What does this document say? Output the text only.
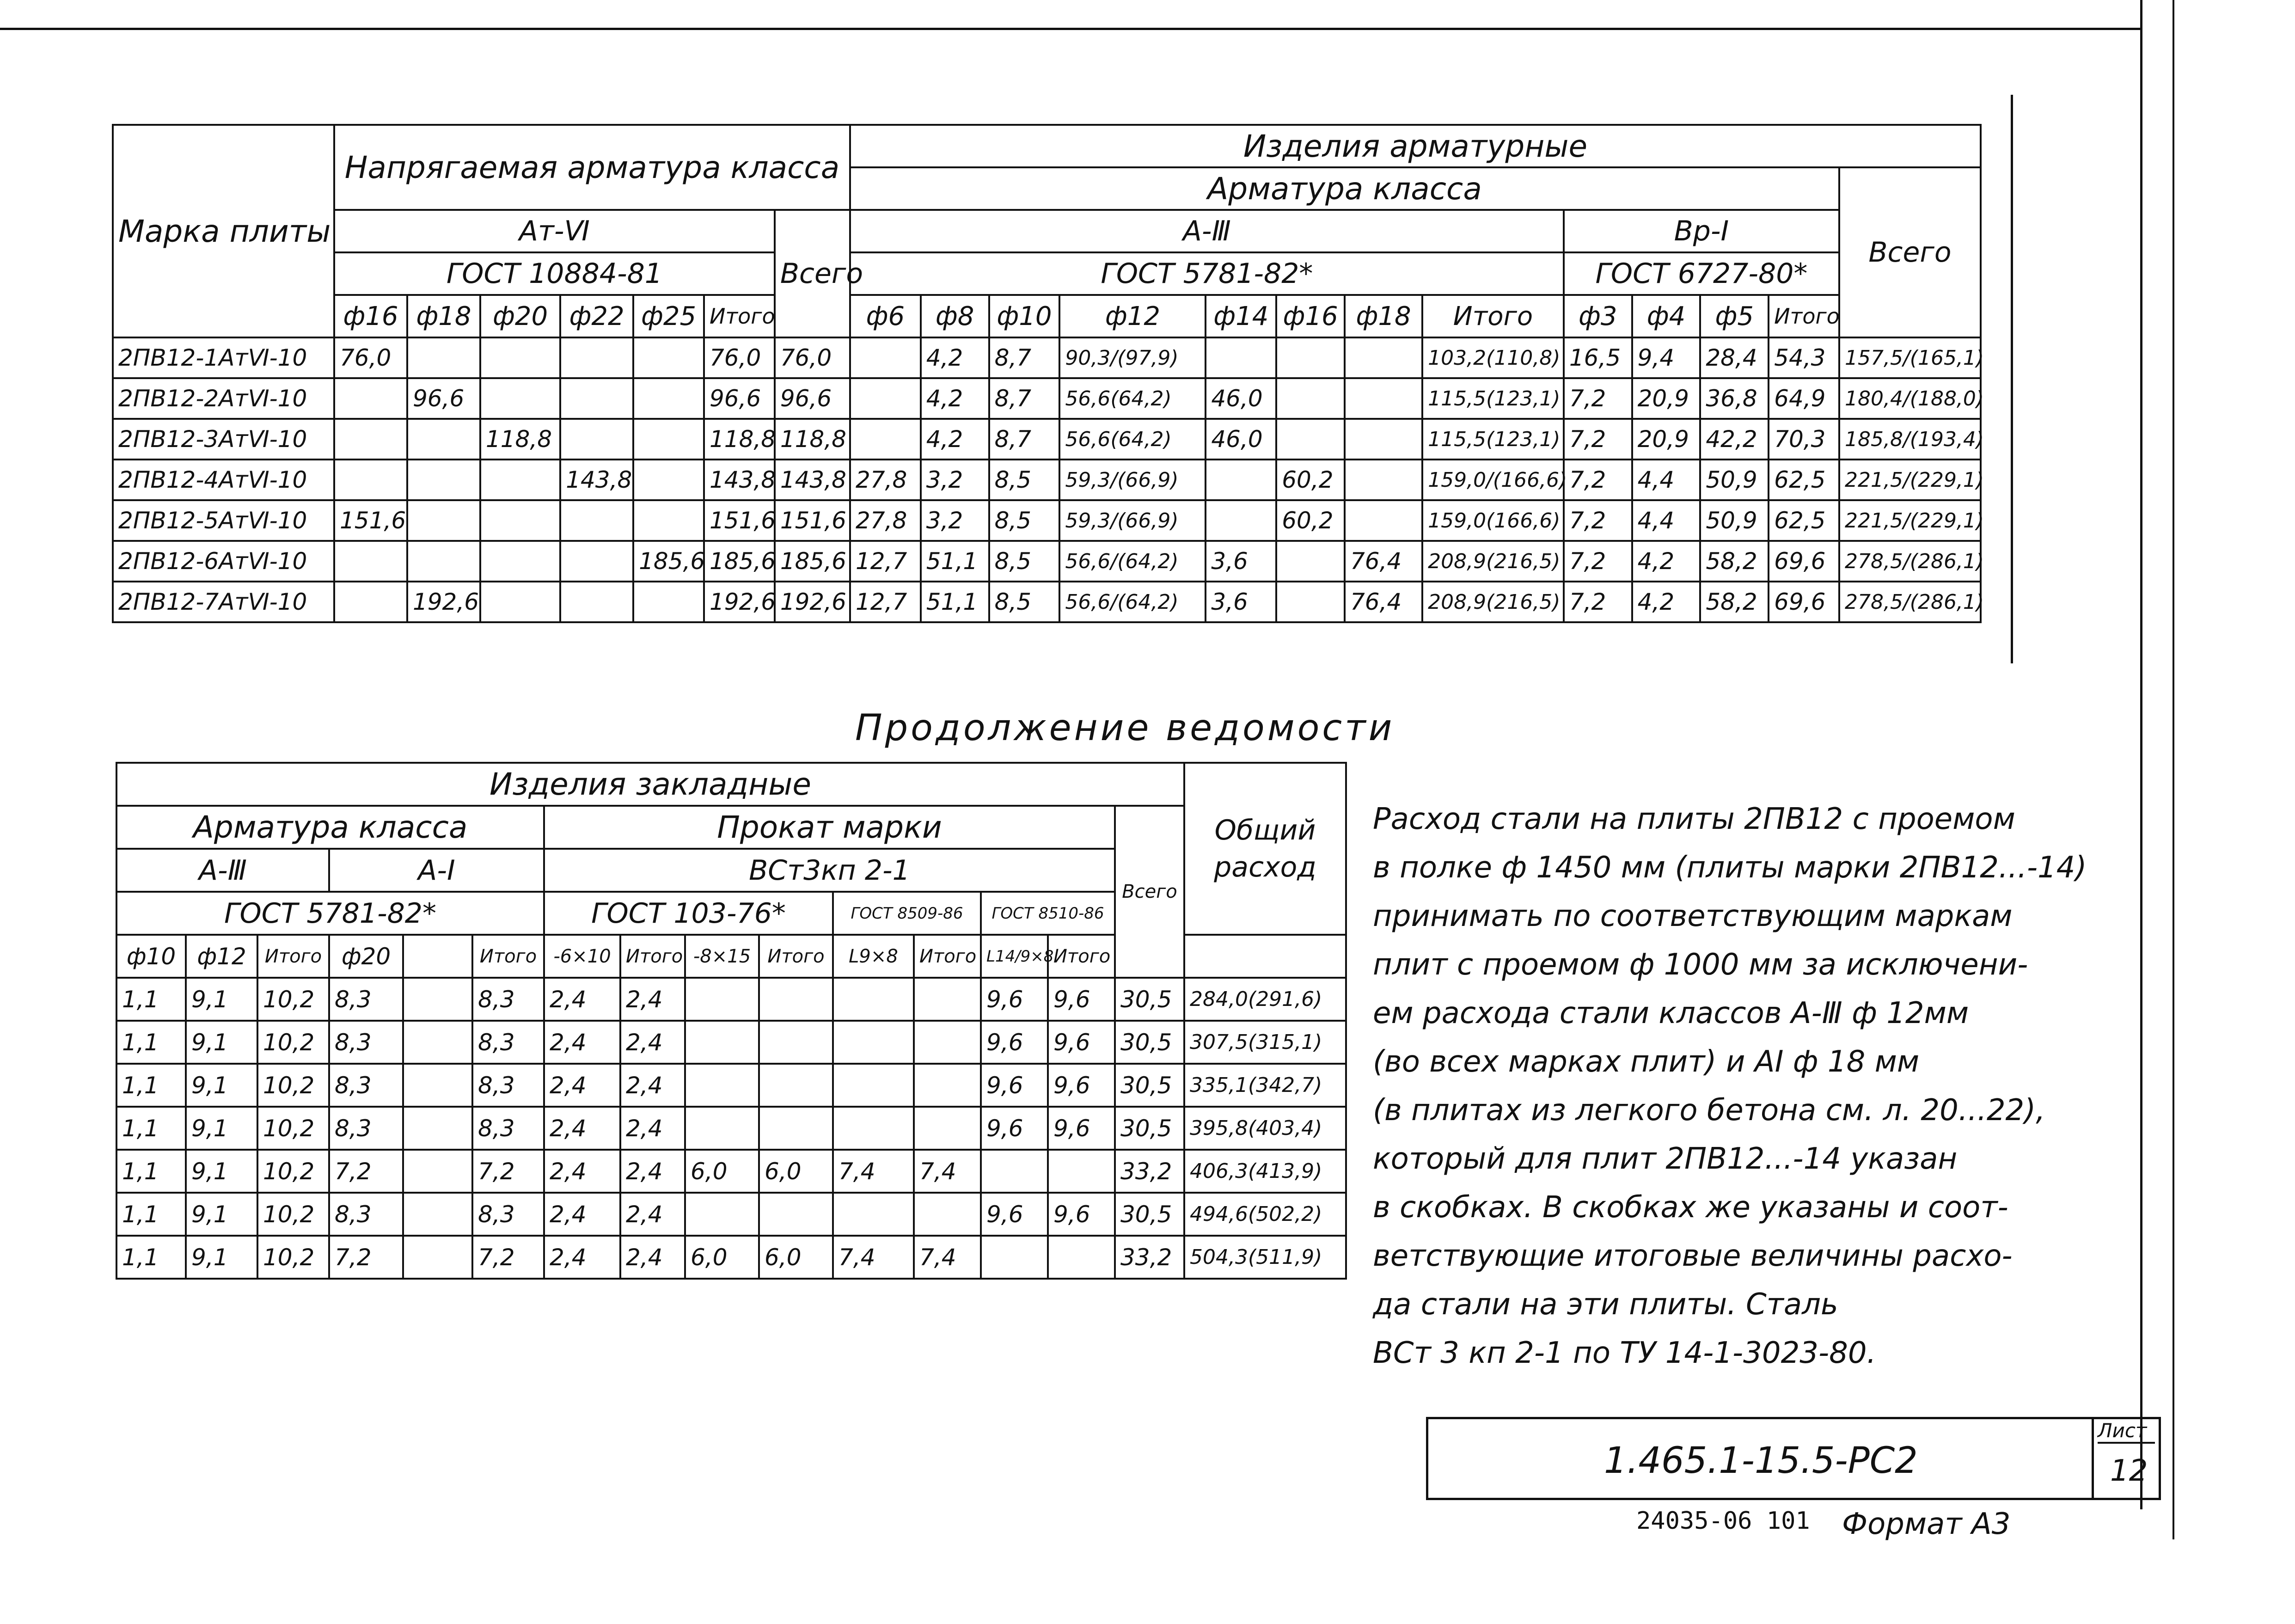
Марка плиты	Напрягаемая арматура класса							Изделия арматурные												
								Арматура класса												Всего
	Ат-Ⅵ						Всего	А-Ⅲ								Вр-Ⅰ				
	ГОСТ 10884-81							ГОСТ 5781-82*								ГОСТ 6727-80*				
	ф16	ф18	ф20	ф22	ф25	Итого		ф6	ф8	ф10	ф12	ф14	ф16	ф18	Итого	ф3	ф4	ф5	Итого	
2ПВ12-1АтⅥ-10	76,0					76,0	76,0		4,2	8,7	90,3/(97,9)				103,2(110,8)	16,5	9,4	28,4	54,3	157,5/(165,1)
2ПВ12-2АтⅥ-10		96,6				96,6	96,6		4,2	8,7	56,6(64,2)	46,0			115,5(123,1)	7,2	20,9	36,8	64,9	180,4/(188,0)
2ПВ12-3АтⅥ-10			118,8			118,8	118,8		4,2	8,7	56,6(64,2)	46,0			115,5(123,1)	7,2	20,9	42,2	70,3	185,8/(193,4)
2ПВ12-4АтⅥ-10				143,8		143,8	143,8	27,8	3,2	8,5	59,3/(66,9)		60,2		159,0/(166,6)	7,2	4,4	50,9	62,5	221,5/(229,1)
2ПВ12-5АтⅥ-10	151,6					151,6	151,6	27,8	3,2	8,5	59,3/(66,9)		60,2		159,0(166,6)	7,2	4,4	50,9	62,5	221,5/(229,1)
2ПВ12-6АтⅥ-10					185,6	185,6	185,6	12,7	51,1	8,5	56,6/(64,2)	3,6		76,4	208,9(216,5)	7,2	4,2	58,2	69,6	278,5/(286,1)
2ПВ12-7АтⅥ-10		192,6				192,6	192,6	12,7	51,1	8,5	56,6/(64,2)	3,6		76,4	208,9(216,5)	7,2	4,2	58,2	69,6	278,5/(286,1)
Продолжение ведомости
Изделия закладные															Общий расход
Арматура класса						Прокат марки								Всего	
А-Ⅲ			А-Ⅰ			ВСт3кп 2-1									
ГОСТ 5781-82*						ГОСТ 103-76*				ГОСТ 8509-86		ГОСТ 8510-86			
ф10	ф12	Итого	ф20		Итого	-6×10	Итого	-8×15	Итого	L9×8	Итого	L14/9×8	Итого		
1,1	9,1	10,2	8,3		8,3	2,4	2,4					9,6	9,6	30,5	284,0(291,6)
1,1	9,1	10,2	8,3		8,3	2,4	2,4					9,6	9,6	30,5	307,5(315,1)
1,1	9,1	10,2	8,3		8,3	2,4	2,4					9,6	9,6	30,5	335,1(342,7)
1,1	9,1	10,2	8,3		8,3	2,4	2,4					9,6	9,6	30,5	395,8(403,4)
1,1	9,1	10,2	7,2		7,2	2,4	2,4	6,0	6,0	7,4	7,4			33,2	406,3(413,9)
1,1	9,1	10,2	8,3		8,3	2,4	2,4					9,6	9,6	30,5	494,6(502,2)
1,1	9,1	10,2	7,2		7,2	2,4	2,4	6,0	6,0	7,4	7,4			33,2	504,3(511,9)
Расход стали на плиты 2ПВ12 с проемом
в полке ф 1450 мм (плиты марки 2ПВ12...-14)
принимать по соответствующим маркам
плит с проемом ф 1000 мм за исключени-
ем расхода стали классов А-Ⅲ ф 12мм
(во всех марках плит) и АⅠ ф 18 мм
(в плитах из легкого бетона см. л. 20...22),
который для плит 2ПВ12...-14 указан
в скобках. В скобках же указаны и соот-
ветствующие итоговые величины расхо-
да стали на эти плиты. Сталь
ВСт 3 кп 2-1 по ТУ 14-1-3023-80.
1.465.1-15.5-РС2
Лист
12
24035-06 101 Формат А3
